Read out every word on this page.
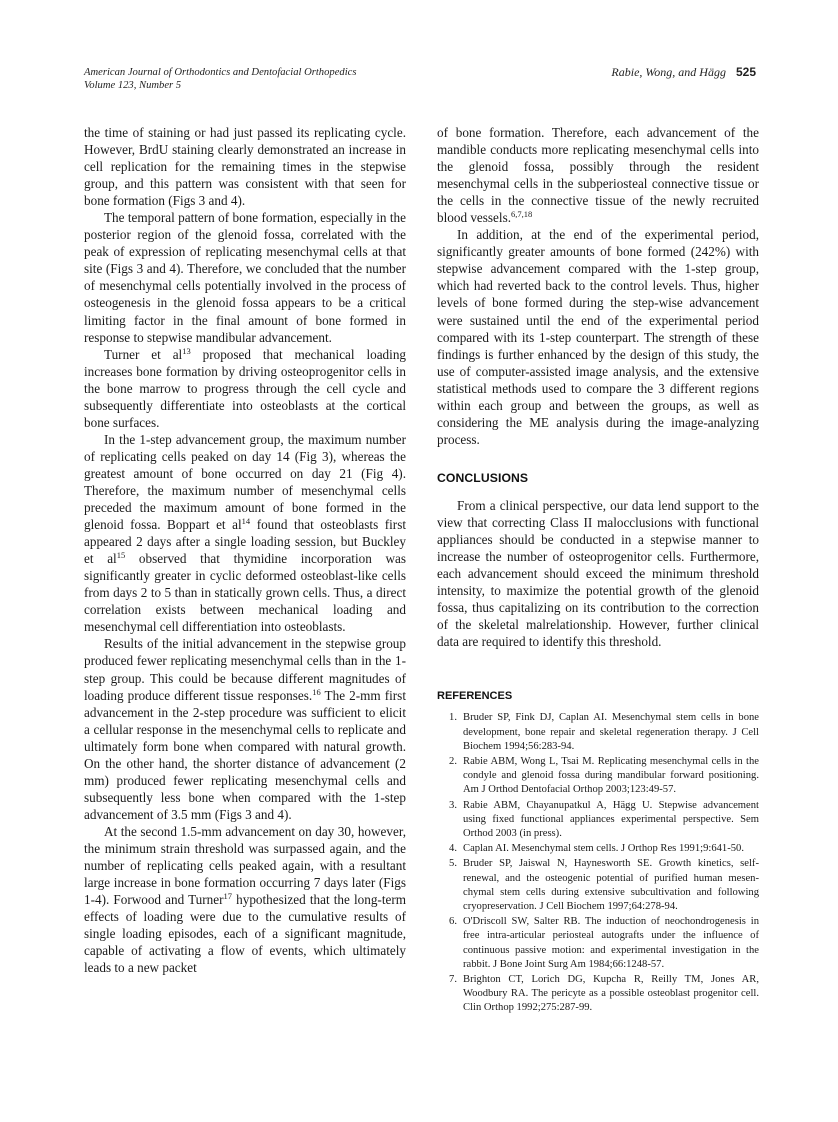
American Journal of Orthodontics and Dentofacial Orthopedics
Volume 123, Number 5
Rabie, Wong, and Hägg 525

the time of staining or had just passed its replicating cycle. However, BrdU staining clearly demonstrated an increase in cell replication for the remaining times in the stepwise group, and this pattern was consistent with that seen for bone formation (Figs 3 and 4).

The temporal pattern of bone formation, especially in the posterior region of the glenoid fossa, correlated with the peak of expression of replicating mesenchymal cells at that site (Figs 3 and 4). Therefore, we concluded that the number of mesenchymal cells potentially involved in the process of osteogenesis in the glenoid fossa appears to be a critical limiting factor in the final amount of bone formed in response to stepwise mandibular advancement.

Turner et $al^{13}$ proposed that mechanical loading increases bone formation by driving osteoprogenitor cells in the bone marrow to progress through the cell cycle and subsequently differentiate into osteoblasts at the cortical bone surfaces.

In the 1-step advancement group, the maximum number of replicating cells peaked on day 14 (Fig 3), whereas the greatest amount of bone occurred on day 21 (Fig 4). Therefore, the maximum number of mesenchymal cells preceded the maximum amount of bone formed in the glenoid fossa. Boppart et $al^{14}$ found that osteoblasts first appeared 2 days after a single loading session, but Buckley et $al^{15}$ observed that thymidine incorporation was significantly greater in cyclic deformed osteoblast-like cells from days 2 to 5 than in statically grown cells. Thus, a direct correlation exists between mechanical loading and mesenchymal cell differentiation into osteoblasts.

Results of the initial advancement in the stepwise group produced fewer replicating mesenchymal cells than in the 1-step group. This could be because different magnitudes of loading produce different tissue responses.$^{16}$ The 2-mm first advancement in the 2-step procedure was sufficient to elicit a cellular response in the mesenchymal cells to replicate and ultimately form bone when compared with natural growth. On the other hand, the shorter distance of advancement (2 mm) produced fewer replicating mesenchymal cells and subsequently less bone when compared with the 1-step advancement of 3.5 mm (Figs 3 and 4).

At the second 1.5-mm advancement on day 30, however, the minimum strain threshold was surpassed again, and the number of replicating cells peaked again, with a resultant large increase in bone formation occurring 7 days later (Figs 1-4). Forwood and Turner$^{17}$ hypothesized that the long-term effects of loading were due to the cumulative results of single loading episodes, each of a significant magnitude, capable of activating a flow of events, which ultimately leads to a new packet

of bone formation. Therefore, each advancement of the mandible conducts more replicating mesenchymal cells into the glenoid fossa, possibly through the resident mesenchymal cells in the subperiosteal connective tissue or the cells in the connective tissue of the newly recruited blood vessels.$^{6,7,18}$

In addition, at the end of the experimental period, significantly greater amounts of bone formed (242%) with stepwise advancement compared with the 1-step group, which had reverted back to the control levels. Thus, higher levels of bone formed during the step-wise advancement were sustained until the end of the experimental period compared with its 1-step counterpart. The strength of these findings is further enhanced by the design of this study, the use of computer-assisted image analysis, and the extensive statistical methods used to compare the 3 different regions within each group and between the groups, as well as considering the ME analysis during the image-analyzing process.

CONCLUSIONS

From a clinical perspective, our data lend support to the view that correcting Class II malocclusions with functional appliances should be conducted in a stepwise manner to increase the number of osteoprogenitor cells. Furthermore, each advancement should exceed the minimum threshold intensity, to maximize the potential growth of the glenoid fossa, thus capitalizing on its contribution to the correction of the skeletal malrelationship. However, further clinical data are required to identify this threshold.

REFERENCES
1. Bruder SP, Fink DJ, Caplan AI. Mesenchymal stem cells in bone development, bone repair and skeletal regeneration therapy. J Cell Biochem 1994;56:283-94.
2. Rabie ABM, Wong L, Tsai M. Replicating mesenchymal cells in the condyle and glenoid fossa during mandibular forward positioning. Am J Orthod Dentofacial Orthop 2003;123:49-57.
3. Rabie ABM, Chayanupatkul A, Hägg U. Stepwise advancement using fixed functional appliances experimental perspective. Sem Orthod 2003 (in press).
4. Caplan AI. Mesenchymal stem cells. J Orthop Res 1991;9:641-50.
5. Bruder SP, Jaiswal N, Haynesworth SE. Growth kinetics, self-renewal, and the osteogenic potential of purified human mesenchymal stem cells during extensive subcultivation and following cryopreservation. J Cell Biochem 1997;64:278-94.
6. O'Driscoll SW, Salter RB. The induction of neochondrogenesis in free intra-articular periosteal autografts under the influence of continuous passive motion: and experimental investigation in the rabbit. J Bone Joint Surg Am 1984;66:1248-57.
7. Brighton CT, Lorich DG, Kupcha R, Reilly TM, Jones AR, Woodbury RA. The pericyte as a possible osteoblast progenitor cell. Clin Orthop 1992;275:287-99.
